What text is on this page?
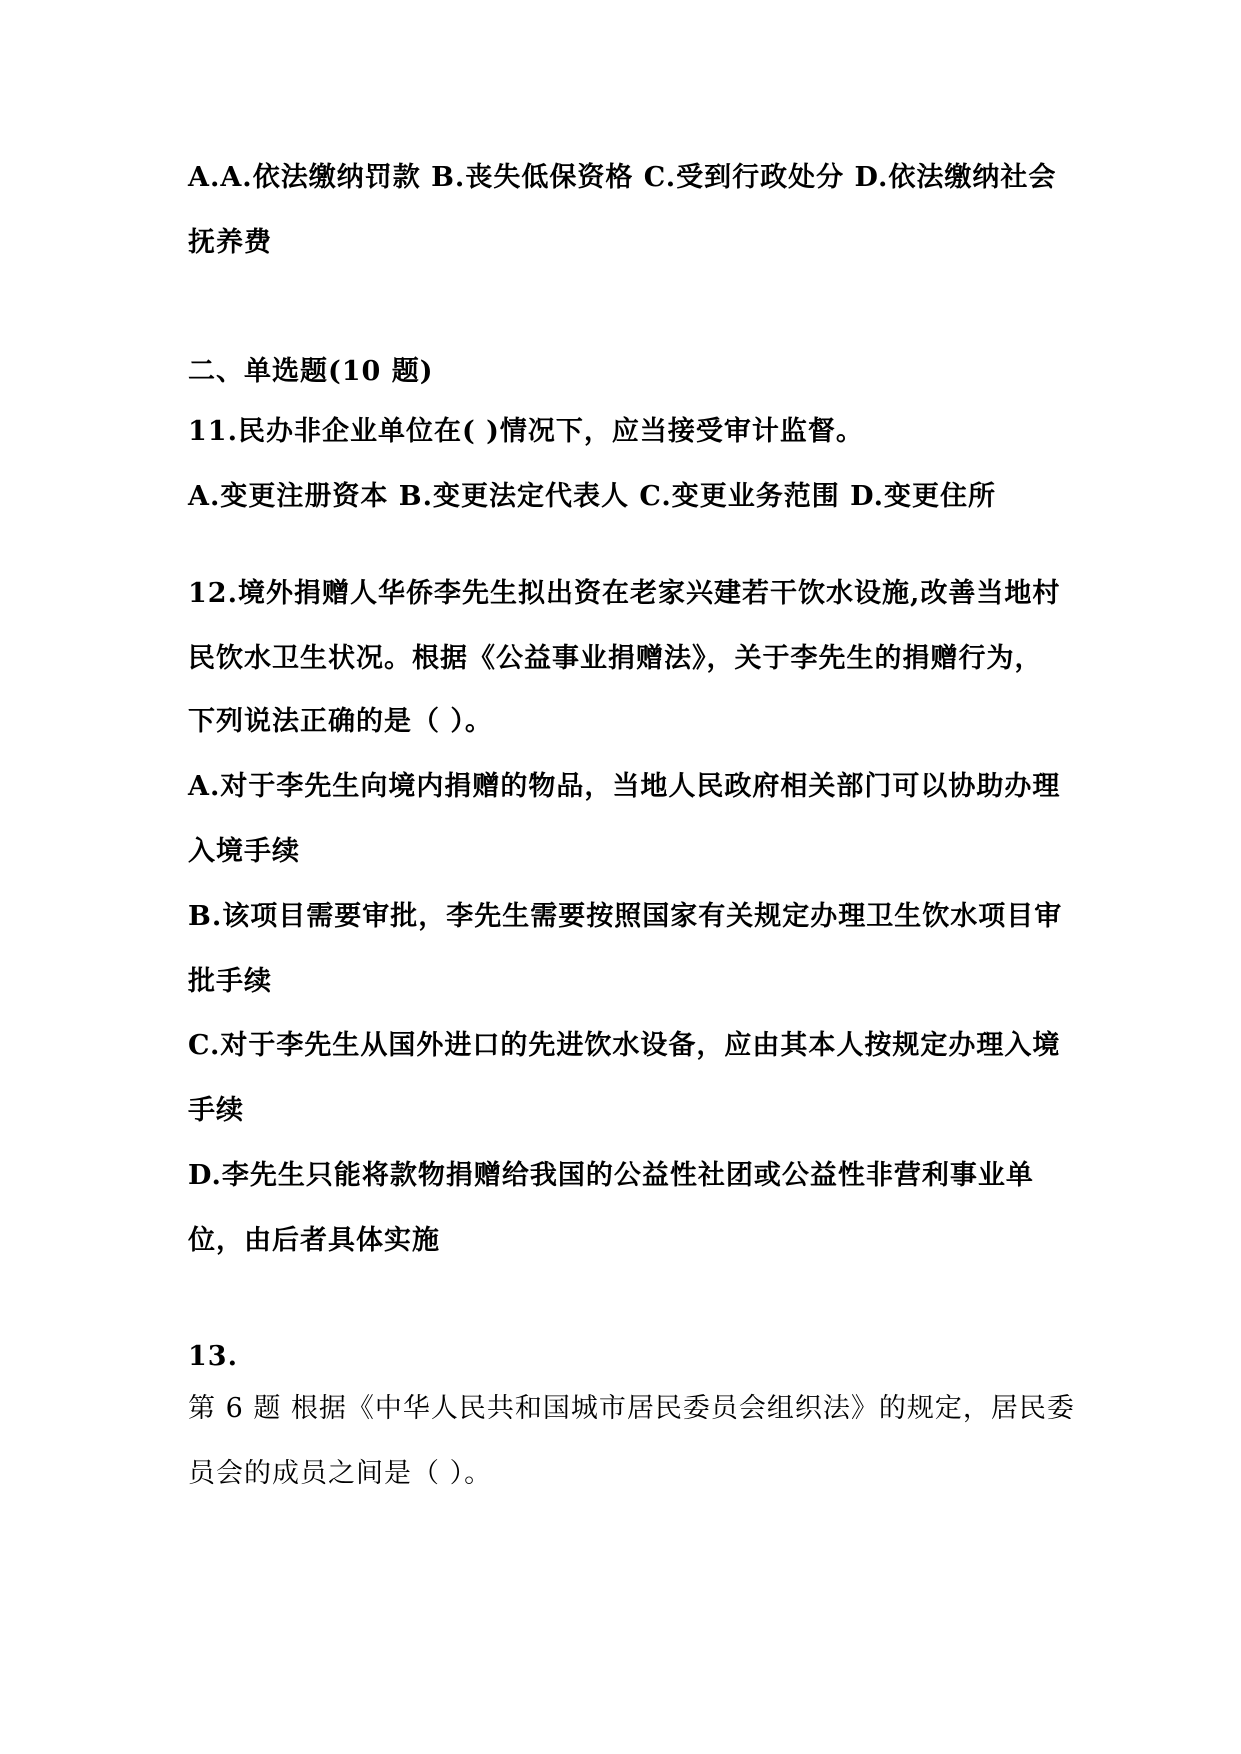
A.A.依法缴纳罚款 B.丧失低保资格 C.受到行政处分 D.依法缴纳社会
抚养费
二、单选题(10 题)
11.民办非企业单位在( )情况下，应当接受审计监督。
A.变更注册资本 B.变更法定代表人 C.变更业务范围 D.变更住所
12.境外捐赠人华侨李先生拟出资在老家兴建若干饮水设施,改善当地村
民饮水卫生状况。根据《公益事业捐赠法》，关于李先生的捐赠行为，
下列说法正确的是（ ）。
A.对于李先生向境内捐赠的物品，当地人民政府相关部门可以协助办理
入境手续
B.该项目需要审批，李先生需要按照国家有关规定办理卫生饮水项目审
批手续
C.对于李先生从国外进口的先进饮水设备，应由其本人按规定办理入境
手续
D.李先生只能将款物捐赠给我国的公益性社团或公益性非营利事业单
位，由后者具体实施
13.
第 6 题 根据《中华人民共和国城市居民委员会组织法》的规定，居民委
员会的成员之间是（ ）。
